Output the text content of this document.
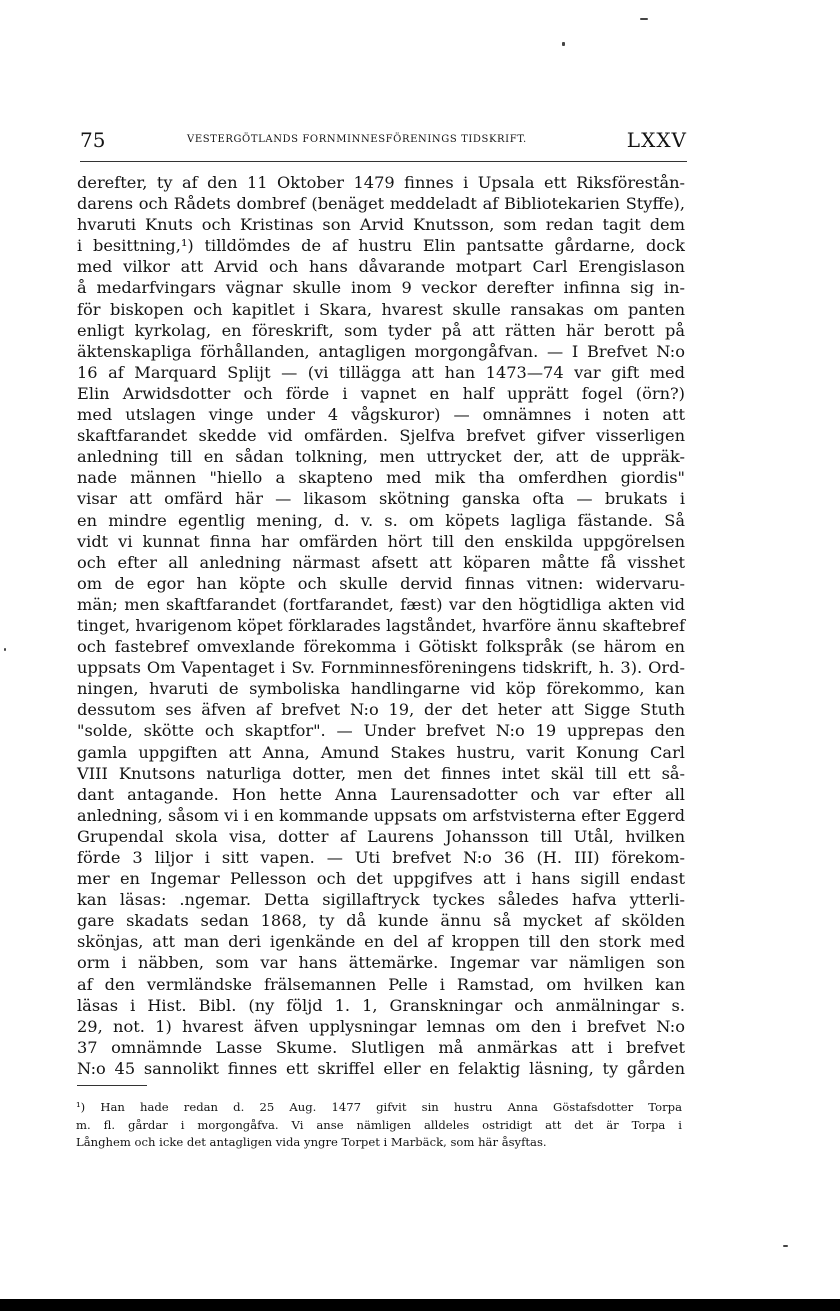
75	VESTERGÖTLANDS FORNMINNESFÖRENINGS TIDSKRIFT.	LXXV
derefter, ty af den 11 Oktober 1479 finnes i Upsala ett Riksförestån-
darens och Rådets dombref (benäget meddeladt af Bibliotekarien Styffe),
hvaruti Knuts och Kristinas son Arvid Knutsson, som redan tagit dem
i besittning,¹) tilldömdes de af hustru Elin pantsatte gårdarne, dock
med vilkor att Arvid och hans dåvarande motpart Carl Erengislason
å medarfvingars vägnar skulle inom 9 veckor derefter infinna sig in-
för biskopen och kapitlet i Skara, hvarest skulle ransakas om panten
enligt kyrkolag, en föreskrift, som tyder på att rätten här berott på
äktenskapliga förhållanden, antagligen morgongåfvan. — I Brefvet N:o
16 af Marquard Splijt — (vi tillägga att han 1473—74 var gift med
Elin Arwidsdotter och förde i vapnet en half upprätt fogel (örn?)
med utslagen vinge under 4 vågskuror) — omnämnes i noten att
skaftfarandet skedde vid omfärden. Sjelfva brefvet gifver visserligen
anledning till en sådan tolkning, men uttrycket der, att de uppräk-
nade männen "hiello a skapteno med mik tha omferdhen giordis"
visar att omfärd här — likasom skötning ganska ofta — brukats i
en mindre egentlig mening, d. v. s. om köpets lagliga fästande. Så
vidt vi kunnat finna har omfärden hört till den enskilda uppgörelsen
och efter all anledning närmast afsett att köparen måtte få visshet
om de egor han köpte och skulle dervid finnas vitnen: widervaru-
män; men skaftfarandet (fortfarandet, fæst) var den högtidliga akten vid
tinget, hvarigenom köpet förklarades lagståndet, hvarföre ännu skaftebref
och fastebref omvexlande förekomma i Götiskt folkspråk (se härom en
uppsats Om Vapentaget i Sv. Fornminnesföreningens tidskrift, h. 3). Ord-
ningen, hvaruti de symboliska handlingarne vid köp förekommo, kan
dessutom ses äfven af brefvet N:o 19, der det heter att Sigge Stuth
"solde, skötte och skaptfor". — Under brefvet N:o 19 upprepas den
gamla uppgiften att Anna, Amund Stakes hustru, varit Konung Carl
VIII Knutsons naturliga dotter, men det finnes intet skäl till ett så-
dant antagande. Hon hette Anna Laurensadotter och var efter all
anledning, såsom vi i en kommande uppsats om arfstvisterna efter Eggerd
Grupendal skola visa, dotter af Laurens Johansson till Utål, hvilken
förde 3 liljor i sitt vapen. — Uti brefvet N:o 36 (H. III) förekom-
mer en Ingemar Pellesson och det uppgifves att i hans sigill endast
kan läsas: .ngemar. Detta sigillaftryck tyckes således hafva ytterli-
gare skadats sedan 1868, ty då kunde ännu så mycket af skölden
skönjas, att man deri igenkände en del af kroppen till den stork med
orm i näbben, som var hans ättemärke. Ingemar var nämligen son
af den vermländske frälsemannen Pelle i Ramstad, om hvilken kan
läsas i Hist. Bibl. (ny följd 1. 1, Granskningar och anmälningar s.
29, not. 1) hvarest äfven upplysningar lemnas om den i brefvet N:o
37 omnämnde Lasse Skume. Slutligen må anmärkas att i brefvet
N:o 45 sannolikt finnes ett skriffel eller en felaktig läsning, ty gården
¹) Han hade redan d. 25 Aug. 1477 gifvit sin hustru Anna Göstafsdotter Torpa
m. fl. gårdar i morgongåfva. Vi anse nämligen alldeles ostridigt att det är Torpa i
Långhem och icke det antagligen vida yngre Torpet i Marbäck, som här åsyftas.
